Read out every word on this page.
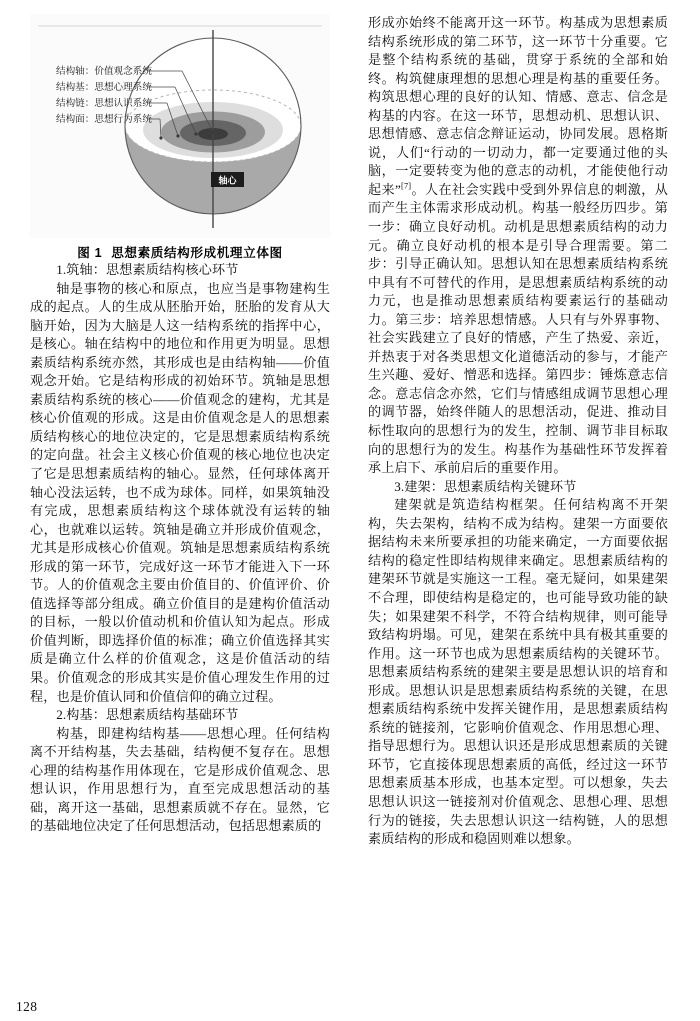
轴心
结构轴：价值观念系统
结构基：思想心理系统
结构链：思想认识系统
结构面：思想行为系统
图 1 思想素质结构形成机理立体图

1.筑轴：思想素质结构核心环节

轴是事物的核心和原点，也应当是事物建构生成的起点。人的生成从胚胎开始，胚胎的发育从大脑开始，因为大脑是人这一结构系统的指挥中心，是核心。轴在结构中的地位和作用更为明显。思想素质结构系统亦然，其形成也是由结构轴——价值观念开始。它是结构形成的初始环节。筑轴是思想素质结构系统的核心——价值观念的建构，尤其是核心价值观的形成。这是由价值观念是人的思想素质结构核心的地位决定的，它是思想素质结构系统的定向盘。社会主义核心价值观的核心地位也决定了它是思想素质结构的轴心。显然，任何球体离开轴心没法运转，也不成为球体。同样，如果筑轴没有完成，思想素质结构这个球体就没有运转的轴心，也就难以运转。筑轴是确立并形成价值观念，尤其是形成核心价值观。筑轴是思想素质结构系统形成的第一环节，完成好这一环节才能进入下一环节。人的价值观念主要由价值目的、价值评价、价值选择等部分组成。确立价值目的是建构价值活动的目标，一般以价值动机和价值认知为起点。形成价值判断，即选择价值的标准；确立价值选择其实质是确立什么样的价值观念，这是价值活动的结果。价值观念的形成其实是价值心理发生作用的过程，也是价值认同和价值信仰的确立过程。

2.构基：思想素质结构基础环节

构基，即建构结构基——思想心理。任何结构离不开结构基，失去基础，结构便不复存在。思想心理的结构基作用体现在，它是形成价值观念、思想认识，作用思想行为，直至完成思想活动的基础，离开这一基础，思想素质就不存在。显然，它的基础地位决定了任何思想活动，包括思想素质的

形成亦始终不能离开这一环节。构基成为思想素质结构系统形成的第二环节，这一环节十分重要。它是整个结构系统的基础，贯穿于系统的全部和始终。构筑健康理想的思想心理是构基的重要任务。构筑思想心理的良好的认知、情感、意志、信念是构基的内容。在这一环节，思想动机、思想认识、思想情感、意志信念辩证运动，协同发展。恩格斯说，人们“行动的一切动力，都一定要通过他的头脑，一定要转变为他的意志的动机，才能使他行动起来”[7]。人在社会实践中受到外界信息的刺激，从而产生主体需求形成动机。构基一般经历四步。第一步：确立良好动机。动机是思想素质结构的动力元。确立良好动机的根本是引导合理需要。第二步：引导正确认知。思想认知在思想素质结构系统中具有不可替代的作用，是思想素质结构系统的动力元，也是推动思想素质结构要素运行的基础动力。第三步：培养思想情感。人只有与外界事物、社会实践建立了良好的情感，产生了热爱、亲近，并热衷于对各类思想文化道德活动的参与，才能产生兴趣、爱好、憎恶和选择。第四步：锤炼意志信念。意志信念亦然，它们与情感组成调节思想心理的调节器，始终伴随人的思想活动，促进、推动目标性取向的思想行为的发生，控制、调节非目标取向的思想行为的发生。构基作为基础性环节发挥着承上启下、承前启后的重要作用。

3.建架：思想素质结构关键环节

建架就是筑造结构框架。任何结构离不开架构，失去架构，结构不成为结构。建架一方面要依据结构未来所要承担的功能来确定，一方面要依据结构的稳定性即结构规律来确定。思想素质结构的建架环节就是实施这一工程。毫无疑问，如果建架不合理，即使结构是稳定的，也可能导致功能的缺失；如果建架不科学，不符合结构规律，则可能导致结构坍塌。可见，建架在系统中具有极其重要的作用。这一环节也成为思想素质结构的关键环节。思想素质结构系统的建架主要是思想认识的培育和形成。思想认识是思想素质结构系统的关键，在思想素质结构系统中发挥关键作用，是思想素质结构系统的链接剂，它影响价值观念、作用思想心理、指导思想行为。思想认识还是形成思想素质的关键环节，它直接体现思想素质的高低，经过这一环节思想素质基本形成，也基本定型。可以想象，失去思想认识这一链接剂对价值观念、思想心理、思想行为的链接，失去思想认识这一结构链，人的思想素质结构的形成和稳固则难以想象。

128
